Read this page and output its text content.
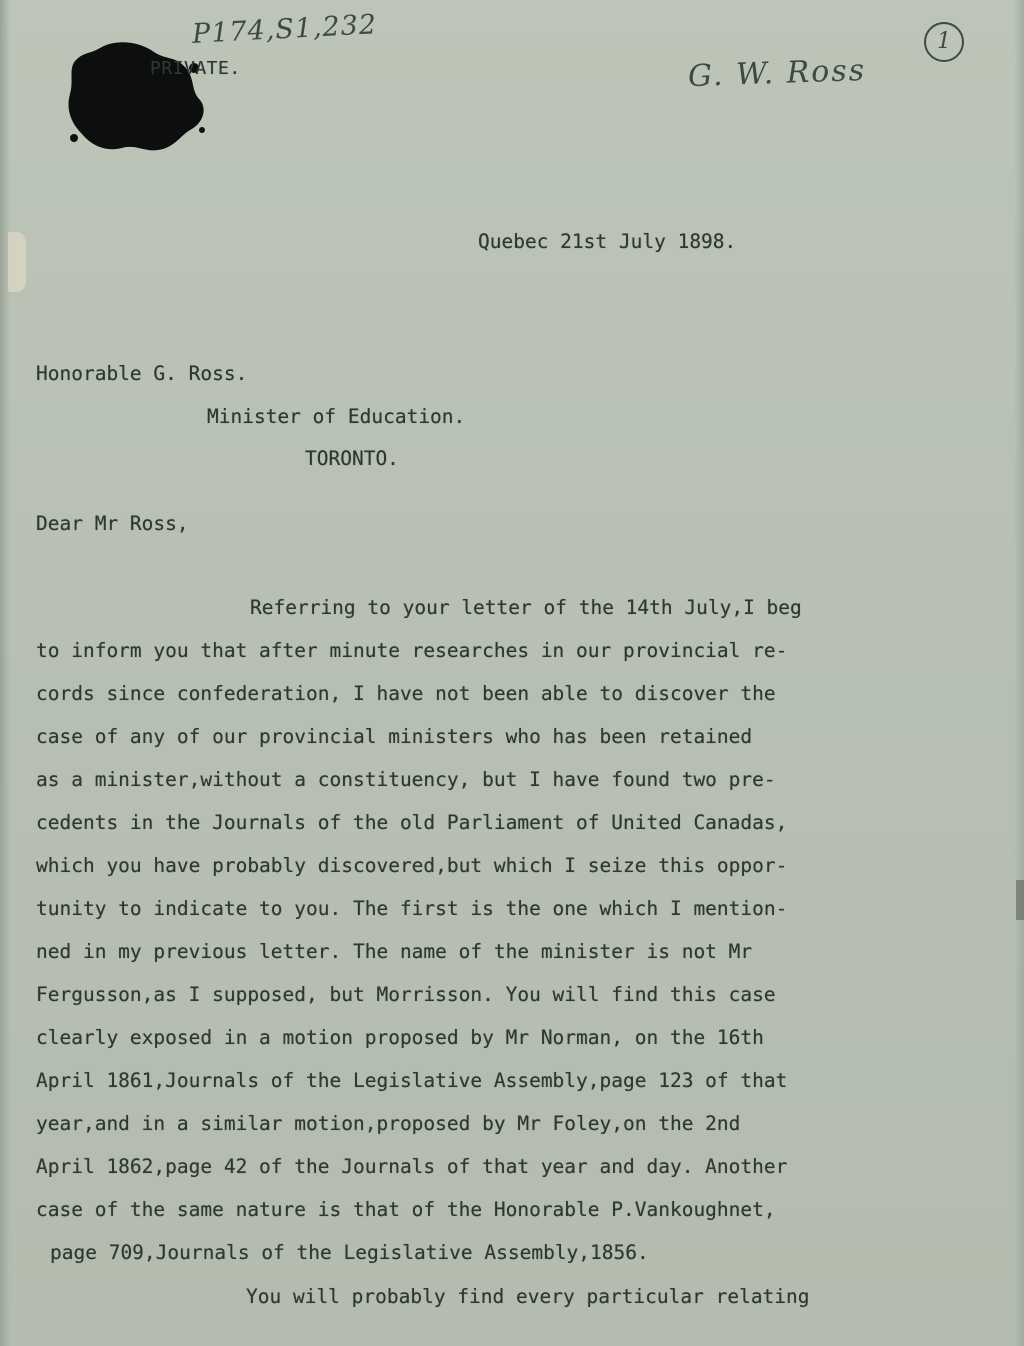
P174,S1,232
G. W. Ross
1
PRIVATE.
Quebec 21st July 1898.
Honorable G. Ross.
Minister of Education.
TORONTO.
Dear Mr Ross,
Referring to your letter of the 14th July,I beg
to inform you that after minute researches in our provincial re-
cords since confederation, I have not been able to discover the
case of any of our provincial ministers who has been retained
as a minister,without a constituency, but I have found two pre-
cedents in the Journals of the old Parliament of United Canadas,
which you have probably discovered,but which I seize this oppor-
tunity to indicate to you. The first is the one which I mention-
ned in my previous letter. The name of the minister is not Mr
Fergusson,as I supposed, but Morrisson. You will find this case
clearly exposed in a motion proposed by Mr Norman, on the 16th
April 1861,Journals of the Legislative Assembly,page 123 of that
year,and in a similar motion,proposed by Mr Foley,on the 2nd
April 1862,page 42 of the Journals of that year and day. Another
case of the same nature is that of the Honorable P.Vankoughnet,
page 709,Journals of the Legislative Assembly,1856.
You will probably find every particular relating
